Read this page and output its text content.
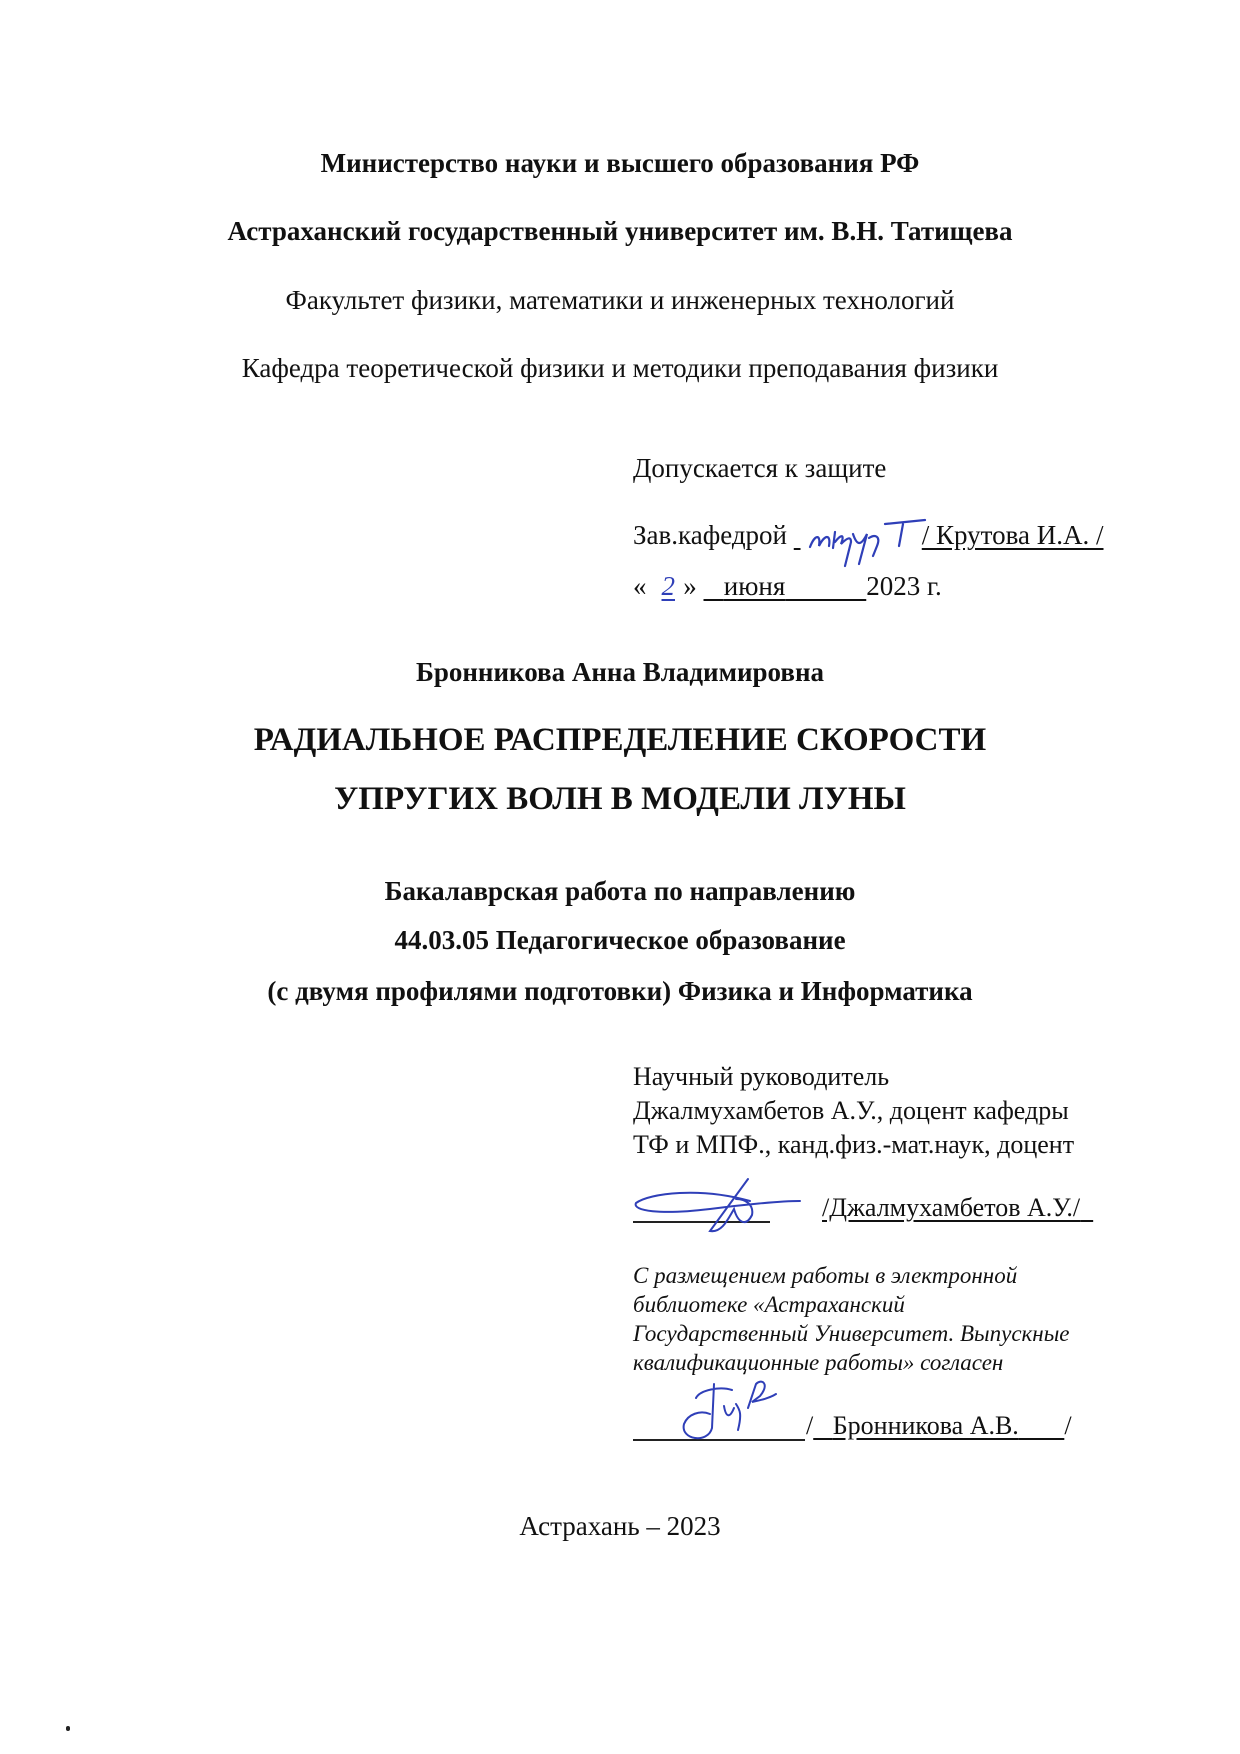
Министерство науки и высшего образования РФ
Астраханский государственный университет им. В.Н. Татищева
Факультет физики, математики и инженерных технологий
Кафедра теоретической физики и методики преподавания физики
Допускается к защите
Зав.кафедрой	/ Крутова И.А. /
« 2 » июня	2023 г.
Бронникова Анна Владимировна
РАДИАЛЬНОЕ РАСПРЕДЕЛЕНИЕ СКОРОСТИ
УПРУГИХ ВОЛН В МОДЕЛИ ЛУНЫ
Бакалаврская работа по направлению
44.03.05 Педагогическое образование
(с двумя профилями подготовки) Физика и Информатика
Научный руководитель
Джалмухамбетов А.У., доцент кафедры
ТФ и МПФ., канд.физ.-мат.наук, доцент
/Джалмухамбетов А.У./
С размещением работы в электронной
библиотеке «Астраханский
Государственный Университет. Выпускные
квалификационные работы» согласен
/ Бронникова А.В. /
Астрахань – 2023
